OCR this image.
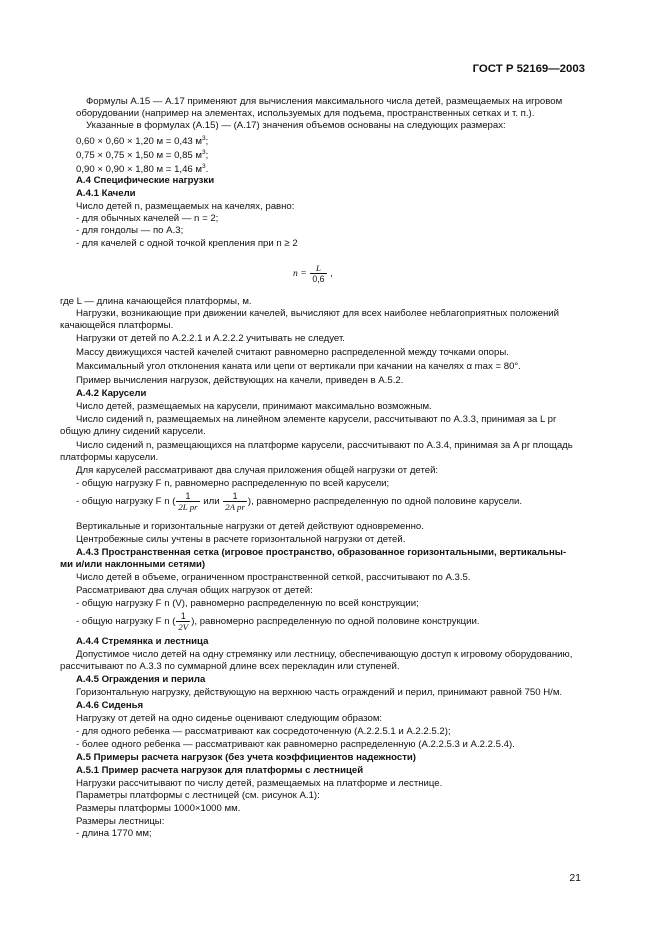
ГОСТ Р 52169—2003
Формулы А.15 — А.17 применяют для вычисления максимального числа детей, размещаемых на игровом
оборудовании (например на элементах, используемых для подъема, пространственных сетках и т. п.).
Указанные в формулах (А.15) — (А.17) значения объемов основаны на следующих размерах:
0,60 × 0,60 × 1,20 м = 0,43 $м^3$;
0,75 × 0,75 × 1,50 м = 0,85 $м^3$;
0,90 × 0,90 × 1,80 м = 1,46 $м^3$.
А.4 Специфические нагрузки
А.4.1 Качели
Число детей n, размещаемых на качелях, равно:
- для обычных качелей — n = 2;
- для гондолы — по А.3;
- для качелей с одной точкой крепления при n ≥ 2
$n = \frac{L}{0,6}$ ,
где L — длина качающейся платформы, м.
Нагрузки, возникающие при движении качелей, вычисляют для всех наиболее неблагоприятных положений
качающейся платформы.
Нагрузки от детей по А.2.2.1 и А.2.2.2 учитывать не следует.
Массу движущихся частей качелей считают равномерно распределенной между точками опоры.
Максимальный угол отклонения каната или цепи от вертикали при качании на качелях α max = 80°.
Пример вычисления нагрузок, действующих на качели, приведен в А.5.2.
А.4.2 Карусели
Число детей, размещаемых на карусели, принимают максимально возможным.
Число сидений n, размещаемых на линейном элементе карусели, рассчитывают по А.3.3, принимая за L pr
общую длину сидений карусели.
Число сидений n, размещающихся на платформе карусели, рассчитывают по А.3.4, принимая за A pr площадь
платформы карусели.
Для каруселей рассматривают два случая приложения общей нагрузки от детей:
- общую нагрузку F n, равномерно распределенную по всей карусели;
- общую нагрузку F n ( $\frac{1}{\text{2L pr}}$ или $\frac{1}{\text{2A pr}}$ ), равномерно распределенную по одной половине карусели.
Вертикальные и горизонтальные нагрузки от детей действуют одновременно.
Центробежные силы учтены в расчете горизонтальной нагрузки от детей.
А.4.3 Пространственная сетка (игровое пространство, образованное горизонтальными, вертикальны-
ми и/или наклонными сетями)
Число детей в объеме, ограниченном пространственной сеткой, рассчитывают по А.3.5.
Рассматривают два случая общих нагрузок от детей:
- общую нагрузку F n (V), равномерно распределенную по всей конструкции;
- общую нагрузку F n ( $\frac{1}{2V}$ ), равномерно распределенную по одной половине конструкции.
А.4.4 Стремянка и лестница
Допустимое число детей на одну стремянку или лестницу, обеспечивающую доступ к игровому оборудованию,
рассчитывают по А.3.3 по суммарной длине всех перекладин или ступеней.
А.4.5 Ограждения и перила
Горизонтальную нагрузку, действующую на верхнюю часть ограждений и перил, принимают равной 750 Н/м.
А.4.6 Сиденья
Нагрузку от детей на одно сиденье оценивают следующим образом:
- для одного ребенка — рассматривают как сосредоточенную (А.2.2.5.1 и А.2.2.5.2);
- более одного ребенка — рассматривают как равномерно распределенную (А.2.2.5.3 и А.2.2.5.4).
А.5 Примеры расчета нагрузок (без учета коэффициентов надежности)
А.5.1 Пример расчета нагрузок для платформы с лестницей
Нагрузки рассчитывают по числу детей, размещаемых на платформе и лестнице.
Параметры платформы с лестницей (см. рисунок А.1):
Размеры платформы 1000×1000 мм.
Размеры лестницы:
- длина 1770 мм;
21
